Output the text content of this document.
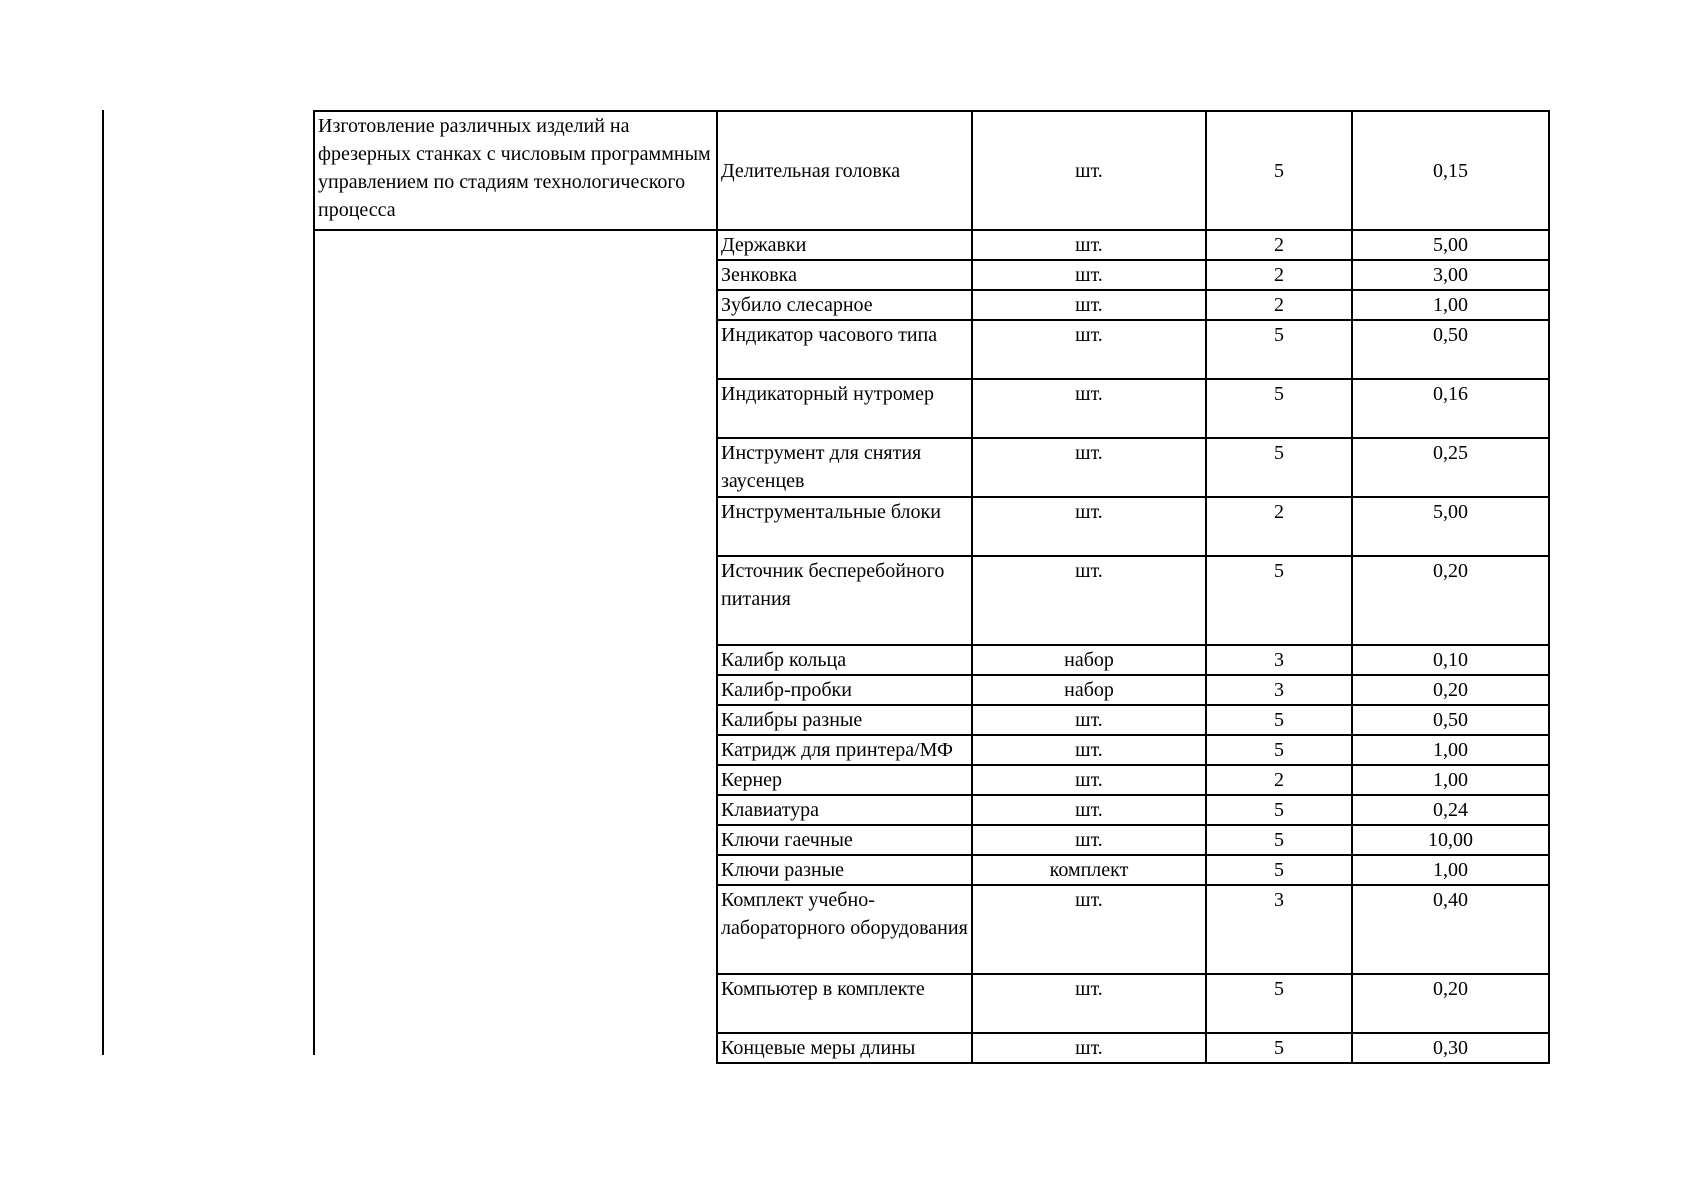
Изготовление различных изделий на фрезерных станках с числовым программным управлением по стадиям технологического процесса	Делительная головка	шт.	5	0,15
Державки	шт.	2	5,00
Зенковка	шт.	2	3,00
Зубило слесарное	шт.	2	1,00
Индикатор часового типа	шт.	5	0,50
Индикаторный нутромер	шт.	5	0,16
Инструмент для снятия заусенцев	шт.	5	0,25
Инструментальные блоки	шт.	2	5,00
Источник бесперебойного питания	шт.	5	0,20
Калибр кольца	набор	3	0,10
Калибр-пробки	набор	3	0,20
Калибры разные	шт.	5	0,50
Катридж для принтера/МФ	шт.	5	1,00
Кернер	шт.	2	1,00
Клавиатура	шт.	5	0,24
Ключи гаечные	шт.	5	10,00
Ключи разные	комплект	5	1,00
Комплект учебно-лабораторного оборудования	шт.	3	0,40
Компьютер в комплекте	шт.	5	0,20
Концевые меры длины	шт.	5	0,30
